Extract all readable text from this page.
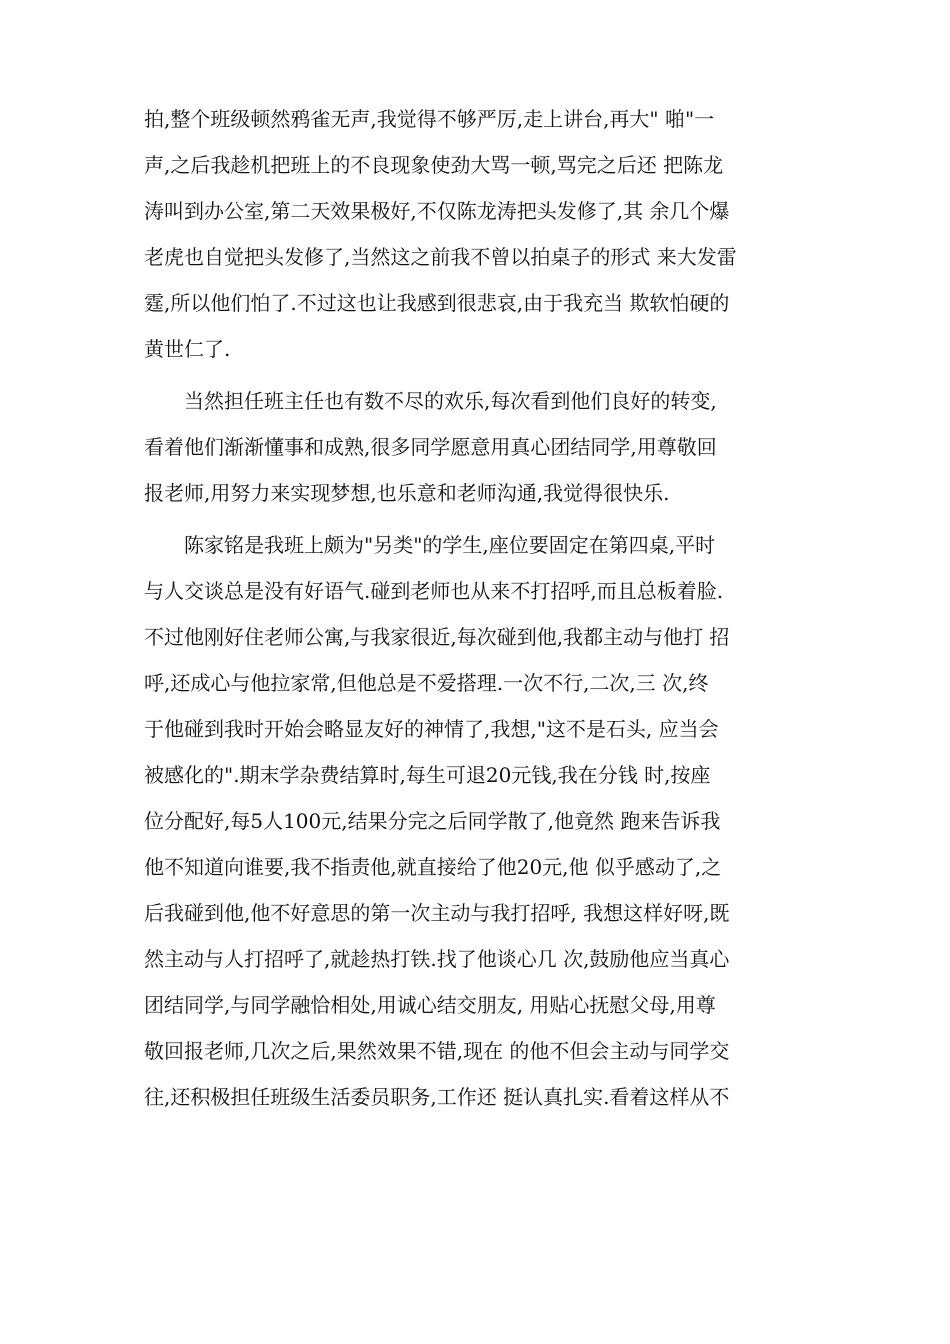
拍,整个班级顿然鸦雀无声,我觉得不够严厉,走上讲台,再大" 啪"一
声,之后我趁机把班上的不良现象使劲大骂一顿,骂完之后还 把陈龙
涛叫到办公室,第二天效果极好,不仅陈龙涛把头发修了,其 余几个爆
老虎也自觉把头发修了,当然这之前我不曾以拍桌子的形式 来大发雷
霆,所以他们怕了.不过这也让我感到很悲哀,由于我充当 欺软怕硬的
黄世仁了.
当然担任班主任也有数不尽的欢乐,每次看到他们良好的转变,
看着他们渐渐懂事和成熟,很多同学愿意用真心团结同学,用尊敬回
报老师,用努力来实现梦想,也乐意和老师沟通,我觉得很快乐.
陈家铭是我班上颇为"另类"的学生,座位要固定在第四桌,平时
与人交谈总是没有好语气.碰到老师也从来不打招呼,而且总板着脸.
不过他刚好住老师公寓,与我家很近,每次碰到他,我都主动与他打 招
呼,还成心与他拉家常,但他总是不爱搭理.一次不行,二次,三 次,终
于他碰到我时开始会略显友好的神情了,我想,"这不是石头, 应当会
被感化的".期末学杂费结算时,每生可退20元钱,我在分钱 时,按座
位分配好,每5人100元,结果分完之后同学散了,他竟然 跑来告诉我
他不知道向谁要,我不指责他,就直接给了他20元,他 似乎感动了,之
后我碰到他,他不好意思的第一次主动与我打招呼, 我想这样好呀,既
然主动与人打招呼了,就趁热打铁.找了他谈心几 次,鼓励他应当真心
团结同学,与同学融恰相处,用诚心结交朋友, 用贴心抚慰父母,用尊
敬回报老师,几次之后,果然效果不错,现在 的他不但会主动与同学交
往,还积极担任班级生活委员职务,工作还 挺认真扎实.看着这样从不
